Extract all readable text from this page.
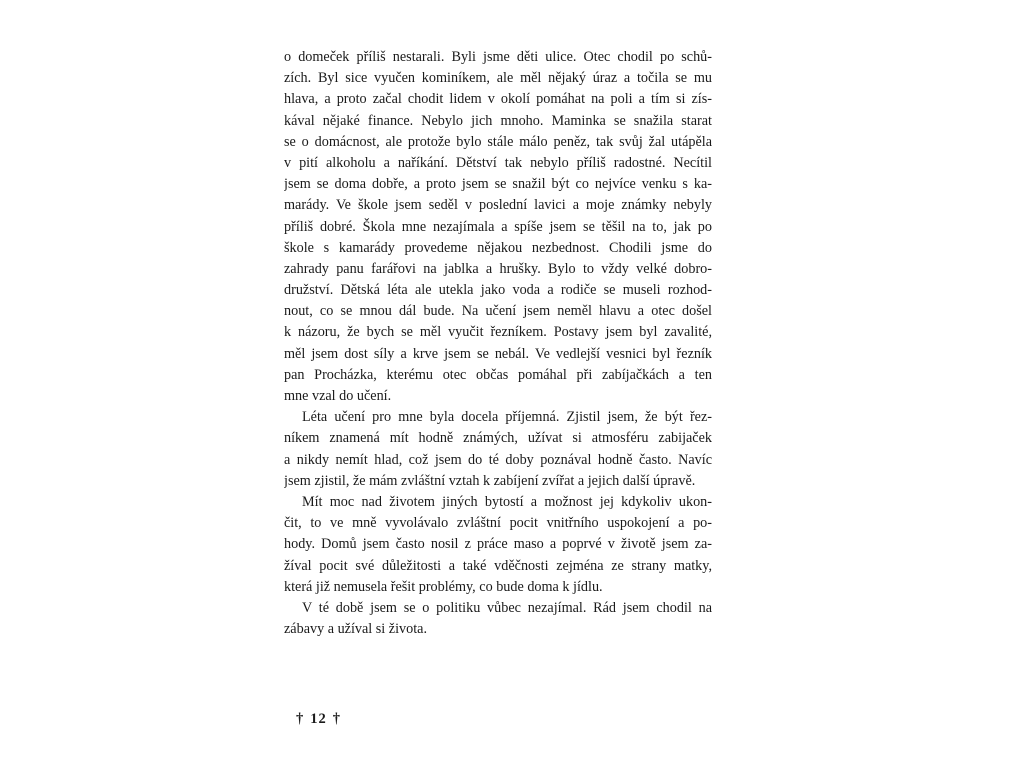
o domeček příliš nestarali. Byli jsme děti ulice. Otec chodil po schů-
zích. Byl sice vyučen kominíkem, ale měl nějaký úraz a točila se mu
hlava, a proto začal chodit lidem v okolí pomáhat na poli a tím si zís-
kával nějaké finance. Nebylo jich mnoho. Maminka se snažila starat
se o domácnost, ale protože bylo stále málo peněz, tak svůj žal utápěla
v pití alkoholu a naříkání. Dětství tak nebylo příliš radostné. Necítil
jsem se doma dobře, a proto jsem se snažil být co nejvíce venku s ka-
marády. Ve škole jsem seděl v poslední lavici a moje známky nebyly
příliš dobré. Škola mne nezajímala a spíše jsem se těšil na to, jak po
škole s kamarády provedeme nějakou nezbednost. Chodili jsme do
zahrady panu farářovi na jablka a hrušky. Bylo to vždy velké dobro-
družství. Dětská léta ale utekla jako voda a rodiče se museli rozhod-
nout, co se mnou dál bude. Na učení jsem neměl hlavu a otec došel
k názoru, že bych se měl vyučit řezníkem. Postavy jsem byl zavalité,
měl jsem dost síly a krve jsem se nebál. Ve vedlejší vesnici byl řezník
pan Procházka, kterému otec občas pomáhal při zabíjačkách a ten
mne vzal do učení.
Léta učení pro mne byla docela příjemná. Zjistil jsem, že být řez-
níkem znamená mít hodně známých, užívat si atmosféru zabijaček
a nikdy nemít hlad, což jsem do té doby poznával hodně často. Navíc
jsem zjistil, že mám zvláštní vztah k zabíjení zvířat a jejich další úpravě.
Mít moc nad životem jiných bytostí a možnost jej kdykoliv ukon-
čit, to ve mně vyvolávalo zvláštní pocit vnitřního uspokojení a po-
hody. Domů jsem často nosil z práce maso a poprvé v životě jsem za-
žíval pocit své důležitosti a také vděčnosti zejména ze strany matky,
která již nemusela řešit problémy, co bude doma k jídlu.
V té době jsem se o politiku vůbec nezajímal. Rád jsem chodil na
zábavy a užíval si života.
† 12 †
